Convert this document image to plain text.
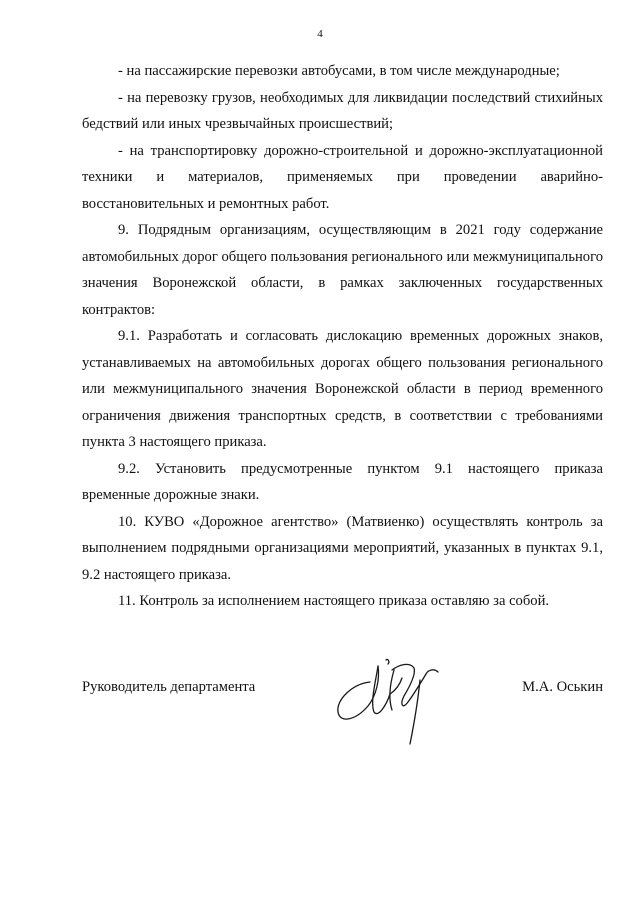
4

- на пассажирские перевозки автобусами, в том числе международные;

- на перевозку грузов, необходимых для ликвидации последствий стихийных бедствий или иных чрезвычайных происшествий;

- на транспортировку дорожно-строительной и дорожно-эксплуатационной техники и материалов, применяемых при проведении аварийно-восстановительных и ремонтных работ.

9. Подрядным организациям, осуществляющим в 2021 году содержание автомобильных дорог общего пользования регионального или межмуниципального значения Воронежской области, в рамках заключенных государственных контрактов:

9.1. Разработать и согласовать дислокацию временных дорожных знаков, устанавливаемых на автомобильных дорогах общего пользования регионального или межмуниципального значения Воронежской области в период временного ограничения движения транспортных средств, в соответствии с требованиями пункта 3 настоящего приказа.

9.2. Установить предусмотренные пунктом 9.1 настоящего приказа временные дорожные знаки.

10. КУВО «Дорожное агентство» (Матвиенко) осуществлять контроль за выполнением подрядными организациями мероприятий, указанных в пунктах 9.1, 9.2 настоящего приказа.

11. Контроль за исполнением настоящего приказа оставляю за собой.

Руководитель департамента	М.А. Оськин
